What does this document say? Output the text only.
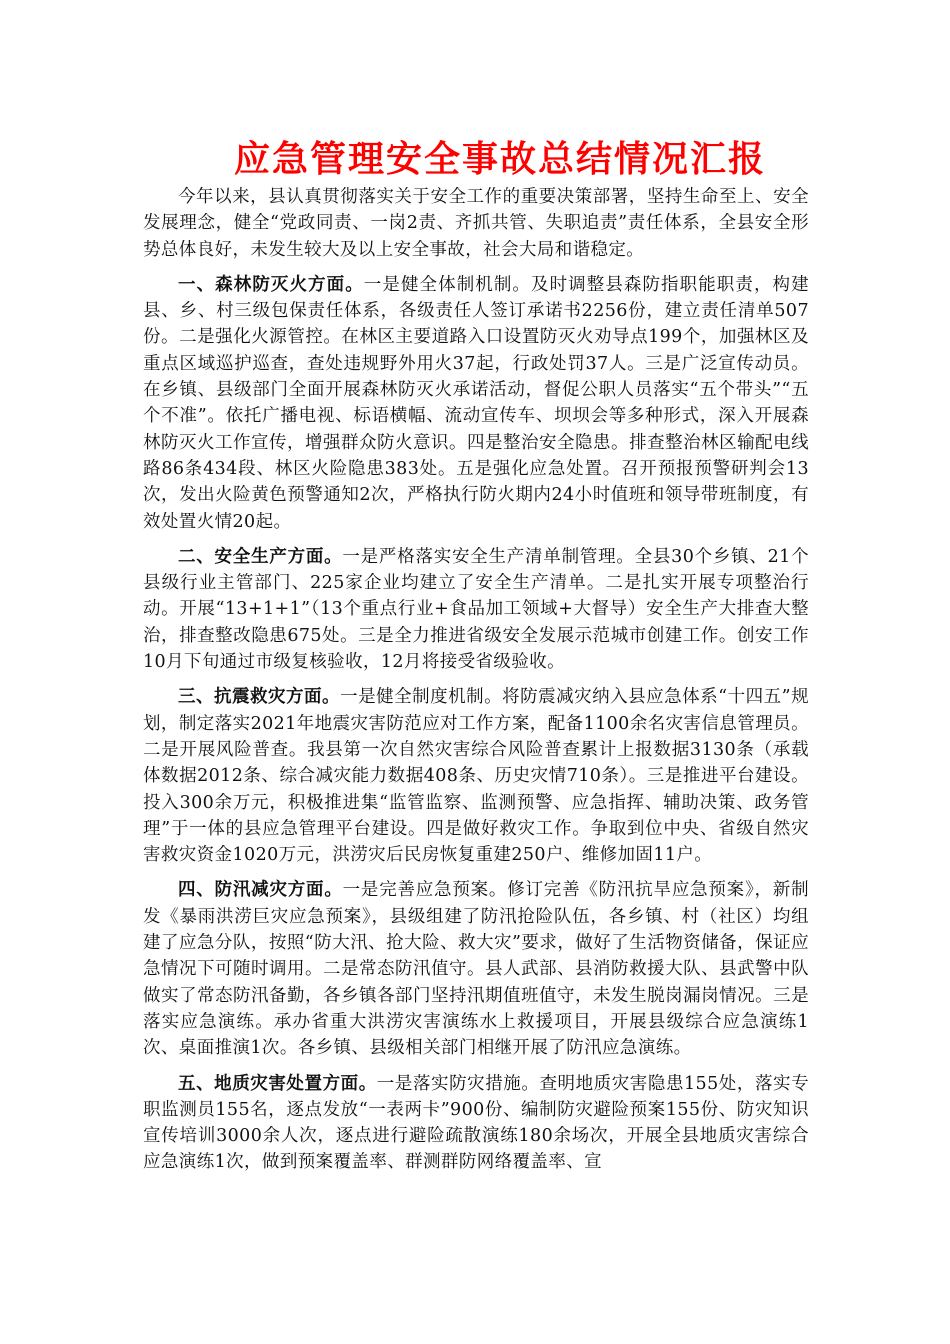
应急管理安全事故总结情况汇报

今年以来，县认真贯彻落实关于安全工作的重要决策部署，坚持生命至上、安全发展理念，健全“党政同责、一岗2责、齐抓共管、失职追责”责任体系，全县安全形势总体良好，未发生较大及以上安全事故，社会大局和谐稳定。

一、森林防灭火方面。一是健全体制机制。及时调整县森防指职能职责，构建县、乡、村三级包保责任体系，各级责任人签订承诺书2256份，建立责任清单507份。二是强化火源管控。在林区主要道路入口设置防灭火劝导点199个，加强林区及重点区域巡护巡查，查处违规野外用火37起，行政处罚37人。三是广泛宣传动员。在乡镇、县级部门全面开展森林防灭火承诺活动，督促公职人员落实“五个带头”“五个不准”。依托广播电视、标语横幅、流动宣传车、坝坝会等多种形式，深入开展森林防灭火工作宣传，增强群众防火意识。四是整治安全隐患。排查整治林区输配电线路86条434段、林区火险隐患383处。五是强化应急处置。召开预报预警研判会13次，发出火险黄色预警通知2次，严格执行防火期内24小时值班和领导带班制度，有效处置火情20起。

二、安全生产方面。一是严格落实安全生产清单制管理。全县30个乡镇、21个县级行业主管部门、225家企业均建立了安全生产清单。二是扎实开展专项整治行动。开展“13+1+1”（13个重点行业+食品加工领域+大督导）安全生产大排查大整治，排查整改隐患675处。三是全力推进省级安全发展示范城市创建工作。创安工作10月下旬通过市级复核验收，12月将接受省级验收。

三、抗震救灾方面。一是健全制度机制。将防震减灾纳入县应急体系“十四五”规划，制定落实2021年地震灾害防范应对工作方案，配备1100余名灾害信息管理员。二是开展风险普查。我县第一次自然灾害综合风险普查累计上报数据3130条（承载体数据2012条、综合减灾能力数据408条、历史灾情710条）。三是推进平台建设。投入300余万元，积极推进集“监管监察、监测预警、应急指挥、辅助决策、政务管理”于一体的县应急管理平台建设。四是做好救灾工作。争取到位中央、省级自然灾害救灾资金1020万元，洪涝灾后民房恢复重建250户、维修加固11户。

四、防汛减灾方面。一是完善应急预案。修订完善《防汛抗旱应急预案》，新制发《暴雨洪涝巨灾应急预案》，县级组建了防汛抢险队伍，各乡镇、村（社区）均组建了应急分队，按照“防大汛、抢大险、救大灾”要求，做好了生活物资储备，保证应急情况下可随时调用。二是常态防汛值守。县人武部、县消防救援大队、县武警中队做实了常态防汛备勤，各乡镇各部门坚持汛期值班值守，未发生脱岗漏岗情况。三是落实应急演练。承办省重大洪涝灾害演练水上救援项目，开展县级综合应急演练1次、桌面推演1次。各乡镇、县级相关部门相继开展了防汛应急演练。

五、地质灾害处置方面。一是落实防灾措施。查明地质灾害隐患155处，落实专职监测员155名，逐点发放“一表两卡”900份、编制防灾避险预案155份、防灾知识宣传培训3000余人次，逐点进行避险疏散演练180余场次，开展全县地质灾害综合应急演练1次，做到预案覆盖率、群测群防网络覆盖率、宣
